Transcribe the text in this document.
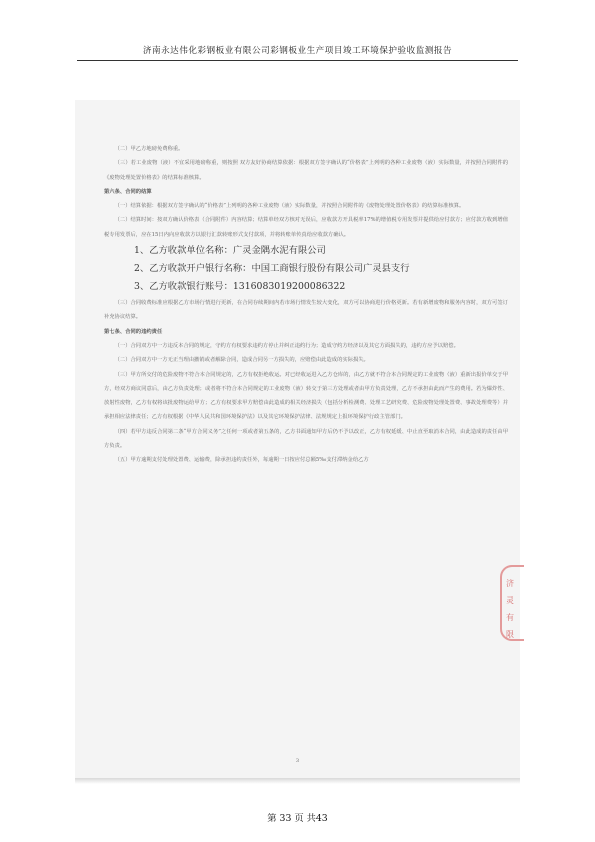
济南永达伟化彩钢板业有限公司彩钢板业生产项目竣工环境保护验收监测报告

（二）甲乙方地磅免费称重。

（三）若工业废物（液）不宜采用地磅称重，则按照 双方友好协商结算依据：根据双方签字确认的“价格表”上列明的各种工业废物（液）实际数量，并按照合同附件的《废物处理处置价格表》的结算标准核算。

第六条、合同的结算

（一）结算依据：根据双方签字确认的“价格表”上列明的各种工业废物（液）实际数量，并按照合同附件的《废物处理处置价格表》的结算标准核算。

（二）结算时间：按双方确认价格表（合同附件）内容结算；结算单经双方核对无误后，应收款方开具税率17%的增值税专用发票并提供给应付款方；应付款方收到增值税专用发票后，应在15日内向应收款方以银行汇款转账形式支付款项，并将转账单传真给应收款方确认。

1、乙方收款单位名称：广灵金隅水泥有限公司

2、乙方收款开户银行名称：中国工商银行股份有限公司广灵县支行

3、乙方收款银行账号：1316083019200086322

（三）合同收费标准应根据乙方市场行情进行更新，在合同存续期间内若市场行情发生较大变化，双方可以协商进行价格更新。若有新增废物和服务内容时，双方可签订补充协议结算。

第七条、合同的违约责任

（一）合同双方中一方违反本合同的规定，守约方有权要求违约方停止并纠正违约行为；造成守约方经济以及其它方面损失的，违约方应予以赔偿。

（二）合同双方中一方无正当理由撤销或者解除合同，造成合同另一方损失的，应赔偿由此造成的实际损失。

（三）甲方所交付的危险废物不符合本合同规定的，乙方有权拒绝收运。对已经收运进入乙方仓库的，由乙方就不符合本合同规定的工业废物（液）重新出报价单交于甲方，经双方商议同意后，由乙方负责处理；或者将不符合本合同规定的工业废物（液）转交于第三方处理或者由甲方负责处理，乙方不承担由此而产生的费用。若为爆炸性、放射性废物，乙方有权将该批废物运给甲方；乙方有权要求甲方赔偿由此造成的相关经济损失（包括分析检测费、处理工艺研究费、危险废物处理处置费、事故处理费等）并承担相应法律责任；乙方有权根据《中华人民共和国环境保护法》以及其它环境保护法律、法规规定上报环境保护行政主管部门。

（四）若甲方违反合同第二条“甲方合同义务”之任何一项或者第五条的，乙方书面通知甲方后仍不予以改正，乙方有权延缓、中止直至取消本合同，由此造成的责任由甲方负责。

（五）甲方逾期支付处理处置费、运输费，除承担违约责任外，每逾期一日按应付总额5‰支付滞纳金给乙方

济灵有限
3
第 33 页 共43
